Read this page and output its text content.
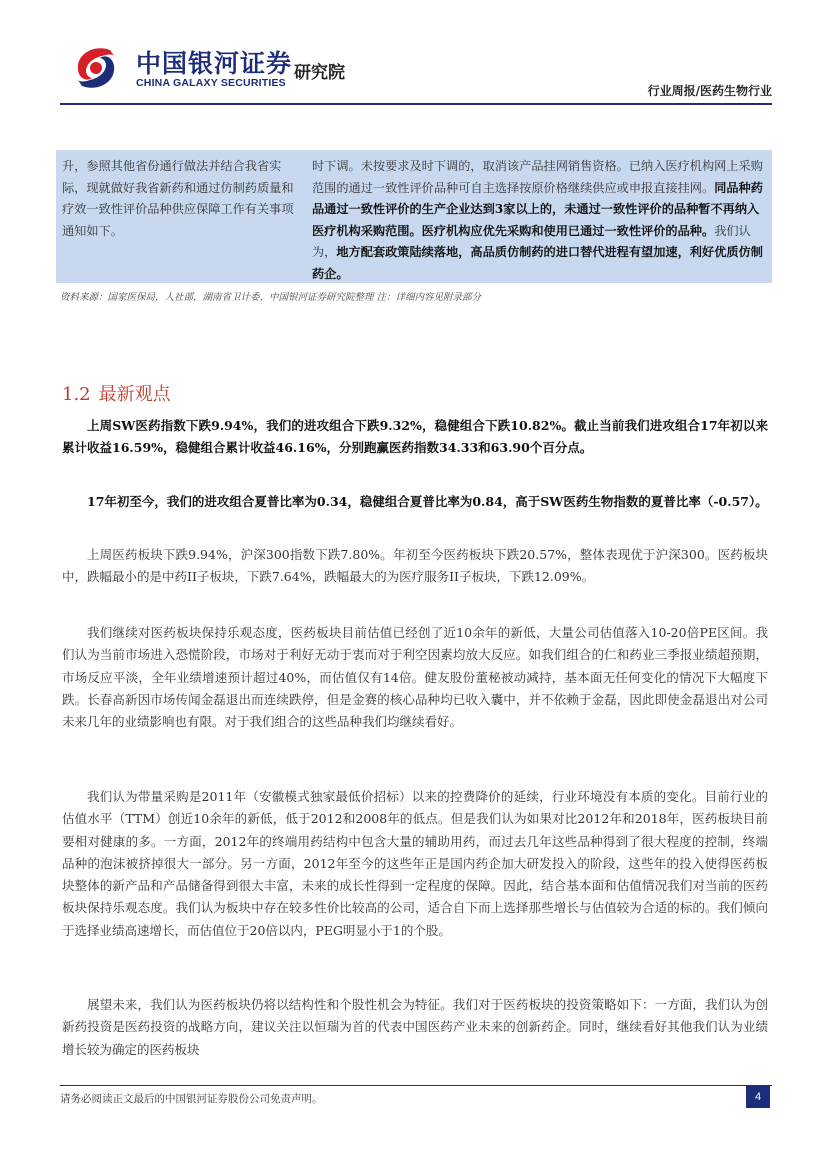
中国银河证券
CHINA GALAXY SECURITIES 研究院
行业周报/医药生物行业
升，参照其他省份通行做法并结合我省实际，现就做好我省新药和通过仿制药质量和疗效一致性评价品种供应保障工作有关事项通知如下。
时下调。未按要求及时下调的，取消该产品挂网销售资格。已纳入医疗机构网上采购范围的通过一致性评价品种可自主选择按原价格继续供应或申报直接挂网。同品种药品通过一致性评价的生产企业达到3家以上的，未通过一致性评价的品种暂不再纳入医疗机构采购范围。医疗机构应优先采购和使用已通过一致性评价的品种。我们认为，地方配套政策陆续落地，高品质仿制药的进口替代进程有望加速，利好优质仿制药企。
资料来源：国家医保局，人社部，湖南省卫计委，中国银河证券研究院整理 注：详细内容见附录部分
1.2 最新观点

上周SW医药指数下跌9.94%，我们的进攻组合下跌9.32%，稳健组合下跌10.82%。截止当前我们进攻组合17年初以来累计收益16.59%，稳健组合累计收益46.16%，分别跑赢医药指数34.33和63.90个百分点。

17年初至今，我们的进攻组合夏普比率为0.34，稳健组合夏普比率为0.84，高于SW医药生物指数的夏普比率（-0.57）。

上周医药板块下跌9.94%，沪深300指数下跌7.80%。年初至今医药板块下跌20.57%，整体表现优于沪深300。医药板块中，跌幅最小的是中药II子板块，下跌7.64%，跌幅最大的为医疗服务II子板块，下跌12.09%。

我们继续对医药板块保持乐观态度，医药板块目前估值已经创了近10余年的新低，大量公司估值落入10-20倍PE区间。我们认为当前市场进入恐慌阶段，市场对于利好无动于衷而对于利空因素均放大反应。如我们组合的仁和药业三季报业绩超预期，市场反应平淡，全年业绩增速预计超过40%，而估值仅有14倍。健友股份董秘被动减持，基本面无任何变化的情况下大幅度下跌。长春高新因市场传闻金磊退出而连续跌停，但是金赛的核心品种均已收入囊中，并不依赖于金磊，因此即使金磊退出对公司未来几年的业绩影响也有限。对于我们组合的这些品种我们均继续看好。

我们认为带量采购是2011年（安徽模式独家最低价招标）以来的控费降价的延续，行业环境没有本质的变化。目前行业的估值水平（TTM）创近10余年的新低，低于2012和2008年的低点。但是我们认为如果对比2012年和2018年，医药板块目前要相对健康的多。一方面，2012年的终端用药结构中包含大量的辅助用药，而过去几年这些品种得到了很大程度的控制，终端品种的泡沫被挤掉很大一部分。另一方面，2012年至今的这些年正是国内药企加大研发投入的阶段，这些年的投入使得医药板块整体的新产品和产品储备得到很大丰富，未来的成长性得到一定程度的保障。因此，结合基本面和估值情况我们对当前的医药板块保持乐观态度。我们认为板块中存在较多性价比较高的公司，适合自下而上选择那些增长与估值较为合适的标的。我们倾向于选择业绩高速增长，而估值位于20倍以内，PEG明显小于1的个股。

展望未来，我们认为医药板块仍将以结构性和个股性机会为特征。我们对于医药板块的投资策略如下：一方面，我们认为创新药投资是医药投资的战略方向，建议关注以恒瑞为首的代表中国医药产业未来的创新药企。同时，继续看好其他我们认为业绩增长较为确定的医药板块

请务必阅读正文最后的中国银河证券股份公司免责声明。	4
